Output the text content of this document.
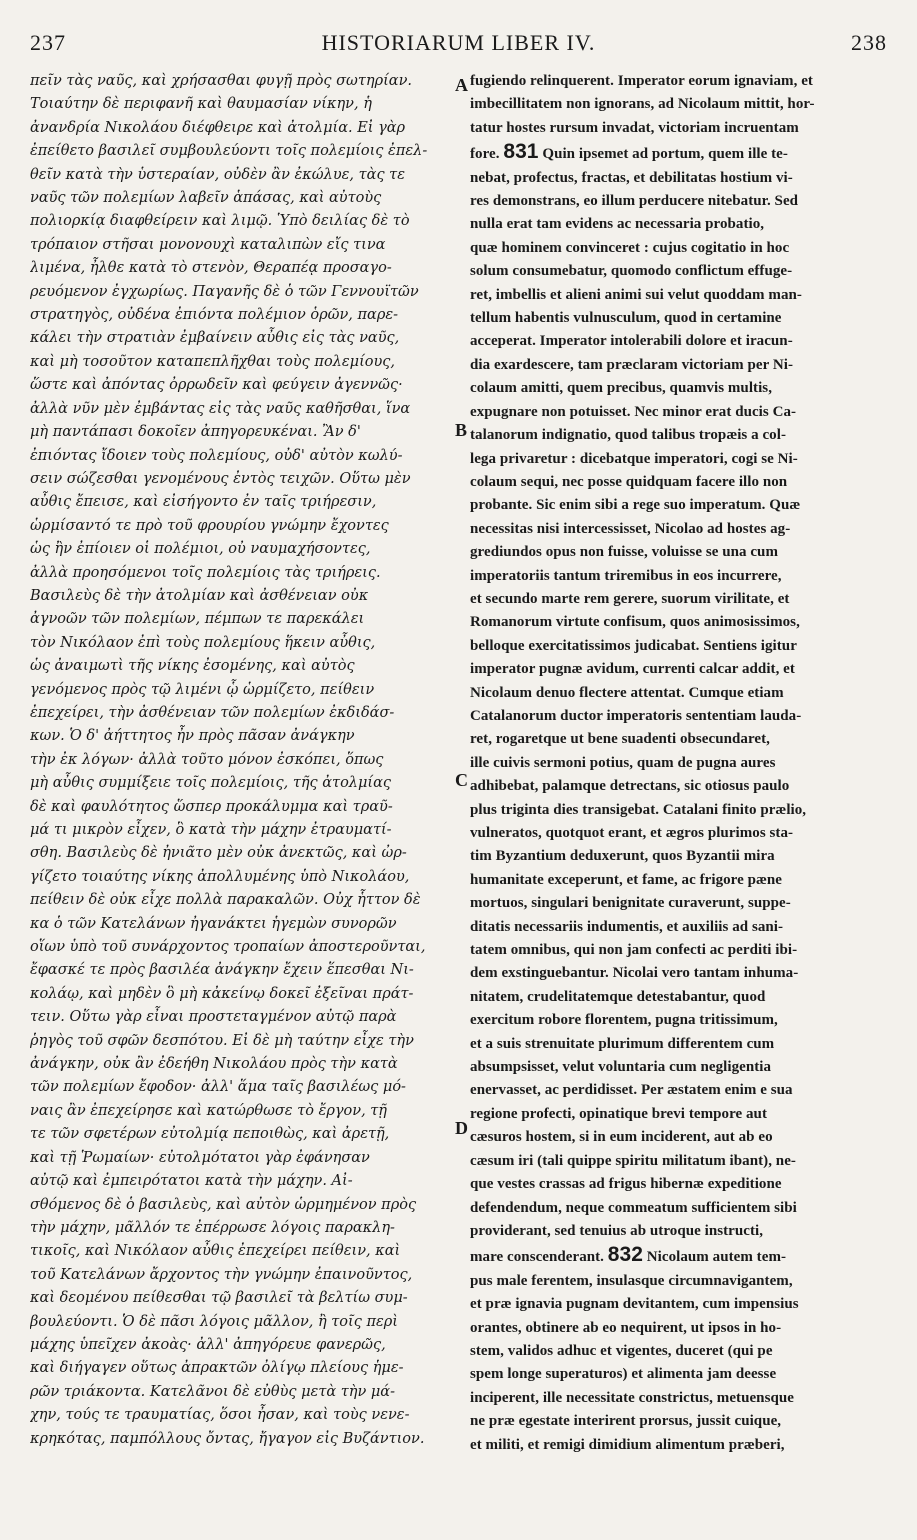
237	HISTORIARUM LIBER IV.	238
πεῖν τὰς ναῦς, καὶ χρήσασθαι φυγῇ πρὸς σωτηρίαν.
Τοιαύτην δὲ περιφανῆ καὶ θαυμασίαν νίκην, ἡ
ἀνανδρία Νικολάου διέφθειρε καὶ ἀτολμία. Εἰ γὰρ
ἐπείθετο βασιλεῖ συμβουλεύοντι τοῖς πολεμίοις ἐπελ-
θεῖν κατὰ τὴν ὑστεραίαν, οὐδὲν ἂν ἐκώλυε, τὰς τε
ναῦς τῶν πολεμίων λαβεῖν ἁπάσας, καὶ αὐτοὺς
πολιορκίᾳ διαφθείρειν καὶ λιμῷ. Ὑπὸ δειλίας δὲ τὸ
τρόπαιον στῆσαι μονονουχὶ καταλιπὼν εἴς τινα
λιμένα, ἦλθε κατὰ τὸ στενὸν, Θεραπέᾳ προσαγο-
ρευόμενον ἐγχωρίως. Παγανῆς δὲ ὁ τῶν Γεννουϊτῶν
στρατηγὸς, οὐδένα ἐπιόντα πολέμιον ὁρῶν, παρε-
κάλει τὴν στρατιὰν ἐμβαίνειν αὖθις εἰς τὰς ναῦς,
καὶ μὴ τοσοῦτον καταπεπλῆχθαι τοὺς πολεμίους,
ὥστε καὶ ἀπόντας ὀρρωδεῖν καὶ φεύγειν ἀγεννῶς·
ἀλλὰ νῦν μὲν ἐμβάντας εἰς τὰς ναῦς καθῆσθαι, ἵνα
μὴ παντάπασι δοκοῖεν ἀπηγορευκέναι. Ἂν δ'
ἐπιόντας ἴδοιεν τοὺς πολεμίους, οὐδ' αὐτὸν κωλύ-
σειν σώζεσθαι γενομένους ἐντὸς τειχῶν. Οὕτω μὲν
αὖθις ἔπεισε, καὶ εἰσήγοντο ἐν ταῖς τριήρεσιν,
ὡρμίσαντό τε πρὸ τοῦ φρουρίου γνώμην ἔχοντες
ὡς ἢν ἐπίοιεν οἱ πολέμιοι, οὐ ναυμαχήσοντες,
ἀλλὰ προησόμενοι τοῖς πολεμίοις τὰς τριήρεις.
Βασιλεὺς δὲ τὴν ἀτολμίαν καὶ ἀσθένειαν οὐκ
ἀγνοῶν τῶν πολεμίων, πέμπων τε παρεκάλει
τὸν Νικόλαον ἐπὶ τοὺς πολεμίους ἥκειν αὖθις,
ὡς ἀναιμωτὶ τῆς νίκης ἐσομένης, καὶ αὐτὸς
γενόμενος πρὸς τῷ λιμένι ᾧ ὡρμίζετο, πείθειν
ἐπεχείρει, τὴν ἀσθένειαν τῶν πολεμίων ἐκδιδάσ-
κων. Ὁ δ' ἀήττητος ἦν πρὸς πᾶσαν ἀνάγκην
τὴν ἐκ λόγων· ἀλλὰ τοῦτο μόνον ἐσκόπει, ὅπως
μὴ αὖθις συμμίξειε τοῖς πολεμίοις, τῆς ἀτολμίας
δὲ καὶ φαυλότητος ὥσπερ προκάλυμμα καὶ τραῦ-
μά τι μικρὸν εἶχεν, ὃ κατὰ τὴν μάχην ἐτραυματί-
σθη. Βασιλεὺς δὲ ἠνιᾶτο μὲν οὐκ ἀνεκτῶς, καὶ ὠρ-
γίζετο τοιαύτης νίκης ἀπολλυμένης ὑπὸ Νικολάου,
πείθειν δὲ οὐκ εἶχε πολλὰ παρακαλῶν. Οὐχ ἧττον δὲ
κα ὁ τῶν Κατελάνων ἠγανάκτει ἡγεμὼν συνορῶν
οἵων ὑπὸ τοῦ συνάρχοντος τροπαίων ἀποστεροῦνται,
ἔφασκέ τε πρὸς βασιλέα ἀνάγκην ἔχειν ἕπεσθαι Νι-
κολάῳ, καὶ μηδὲν ὃ μὴ κἀκείνῳ δοκεῖ ἐξεῖναι πράτ-
τειν. Οὕτω γὰρ εἶναι προστεταγμένον αὐτῷ παρὰ
ῥηγὸς τοῦ σφῶν δεσπότου. Εἰ δὲ μὴ ταύτην εἶχε τὴν
ἀνάγκην, οὐκ ἂν ἐδεήθη Νικολάου πρὸς τὴν κατὰ
τῶν πολεμίων ἔφοδον· ἀλλ' ἅμα ταῖς βασιλέως μό-
ναις ἂν ἐπεχείρησε καὶ κατώρθωσε τὸ ἔργον, τῇ
τε τῶν σφετέρων εὐτολμίᾳ πεποιθὼς, καὶ ἀρετῇ,
καὶ τῇ Ῥωμαίων· εὐτολμότατοι γὰρ ἐφάνησαν
αὐτῷ καὶ ἐμπειρότατοι κατὰ τὴν μάχην. Αἰ-
σθόμενος δὲ ὁ βασιλεὺς, καὶ αὐτὸν ὡρμημένον πρὸς
τὴν μάχην, μᾶλλόν τε ἐπέρρωσε λόγοις παρακλη-
τικοῖς, καὶ Νικόλαον αὖθις ἐπεχείρει πείθειν, καὶ
τοῦ Κατελάνων ἄρχοντος τὴν γνώμην ἐπαινοῦντος,
καὶ δεομένου πείθεσθαι τῷ βασιλεῖ τὰ βελτίω συμ-
βουλεύοντι. Ὁ δὲ πᾶσι λόγοις μᾶλλον, ἢ τοῖς περὶ
μάχης ὑπεῖχεν ἀκοὰς· ἀλλ' ἀπηγόρευε φανερῶς,
καὶ διήγαγεν οὕτως ἀπρακτῶν ὀλίγῳ πλείους ἡμε-
ρῶν τριάκοντα. Κατελᾶνοι δὲ εὐθὺς μετὰ τὴν μά-
χην, τούς τε τραυματίας, ὅσοι ἦσαν, καὶ τοὺς νενε-
κρηκότας, παμπόλλους ὄντας, ἤγαγον εἰς Βυζάντιον.
fugiendo relinquerent. Imperator eorum ignaviam, et
imbecillitatem non ignorans, ad Nicolaum mittit, hor-
tatur hostes rursum invadat, victoriam incruentam
fore. 831 Quin ipsemet ad portum, quem ille te-
nebat, profectus, fractas, et debilitatas hostium vi-
res demonstrans, eo illum perducere nitebatur. Sed
nulla erat tam evidens ac necessaria probatio,
quæ hominem convinceret : cujus cogitatio in hoc
solum consumebatur, quomodo conflictum effuge-
ret, imbellis et alieni animi sui velut quoddam man-
tellum habentis vulnusculum, quod in certamine
acceperat. Imperator intolerabili dolore et iracun-
dia exardescere, tam præclaram victoriam per Ni-
colaum amitti, quem precibus, quamvis multis,
expugnare non potuisset. Nec minor erat ducis Ca-
talanorum indignatio, quod talibus tropæis a col-
lega privaretur : dicebatque imperatori, cogi se Ni-
colaum sequi, nec posse quidquam facere illo non
probante. Sic enim sibi a rege suo imperatum. Quæ
necessitas nisi intercessisset, Nicolao ad hostes ag-
grediundos opus non fuisse, voluisse se una cum
imperatoriis tantum triremibus in eos incurrere,
et secundo marte rem gerere, suorum virilitate, et
Romanorum virtute confisum, quos animosissimos,
belloque exercitatissimos judicabat. Sentiens igitur
imperator pugnæ avidum, currenti calcar addit, et
Nicolaum denuo flectere attentat. Cumque etiam
Catalanorum ductor imperatoris sententiam lauda-
ret, rogaretque ut bene suadenti obsecundaret,
ille cuivis sermoni potius, quam de pugna aures
adhibebat, palamque detrectans, sic otiosus paulo
plus triginta dies transigebat. Catalani finito prælio,
vulneratos, quotquot erant, et ægros plurimos sta-
tim Byzantium deduxerunt, quos Byzantii mira
humanitate exceperunt, et fame, ac frigore pæne
mortuos, singulari benignitate curaverunt, suppe-
ditatis necessariis indumentis, et auxiliis ad sani-
tatem omnibus, qui non jam confecti ac perditi ibi-
dem exstinguebantur. Nicolai vero tantam inhuma-
nitatem, crudelitatemque detestabantur, quod
exercitum robore florentem, pugna tritissimum,
et a suis strenuitate plurimum differentem cum
absumpsisset, velut voluntaria cum negligentia
enervasset, ac perdidisset. Per æstatem enim e sua
regione profecti, opinatique brevi tempore aut
cæsuros hostem, si in eum inciderent, aut ab eo
cæsum iri (tali quippe spiritu militatum ibant), ne-
que vestes crassas ad frigus hibernæ expeditione
defendendum, neque commeatum sufficientem sibi
providerant, sed tenuius ab utroque instructi,
mare conscenderant. 832 Nicolaum autem tem-
pus male ferentem, insulasque circumnavigantem,
et præ ignavia pugnam devitantem, cum impensius
orantes, obtinere ab eo nequirent, ut ipsos in ho-
stem, validos adhuc et vigentes, duceret (qui pe
spem longe superaturos) et alimenta jam deesse
inciperent, ille necessitate constrictus, metuensque
ne præ egestate interirent prorsus, jussit cuique,
et militi, et remigi dimidium alimentum præberi,
A
B
C
D
